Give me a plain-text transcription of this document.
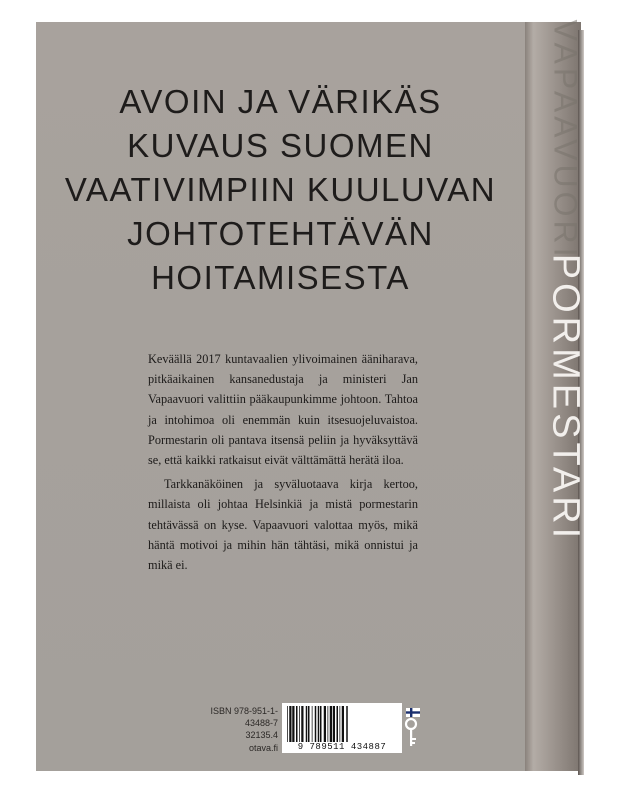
VAPAAVUORI
PORMESTARI
AVOIN JA VÄRIKÄS
KUVAUS SUOMEN
VAATIVIMPIIN KUULUVAN
JOHTOTEHTÄVÄN
HOITAMISESTA

Keväällä 2017 kuntavaalien ylivoimainen ääniharava, pitkäaikainen kansanedustaja ja ministeri Jan Vapaavuori valittiin pääkaupunkimme johtoon. Tahtoa ja intohimoa oli enemmän kuin itsesuojeluvaistoa. Pormestarin oli pantava itsensä peliin ja hyväksyttävä se, että kaikki ratkaisut eivät välttämättä herätä iloa.

Tarkkanäköinen ja syväluotaava kirja kertoo, millaista oli johtaa Helsinkiä ja mistä pormestarin tehtävässä on kyse. Vapaavuori valottaa myös, mikä häntä motivoi ja mihin hän tähtäsi, mikä onnistui ja mikä ei.

ISBN 978-951-1-43488-7
32135.4
otava.fi	9 789511 434887
